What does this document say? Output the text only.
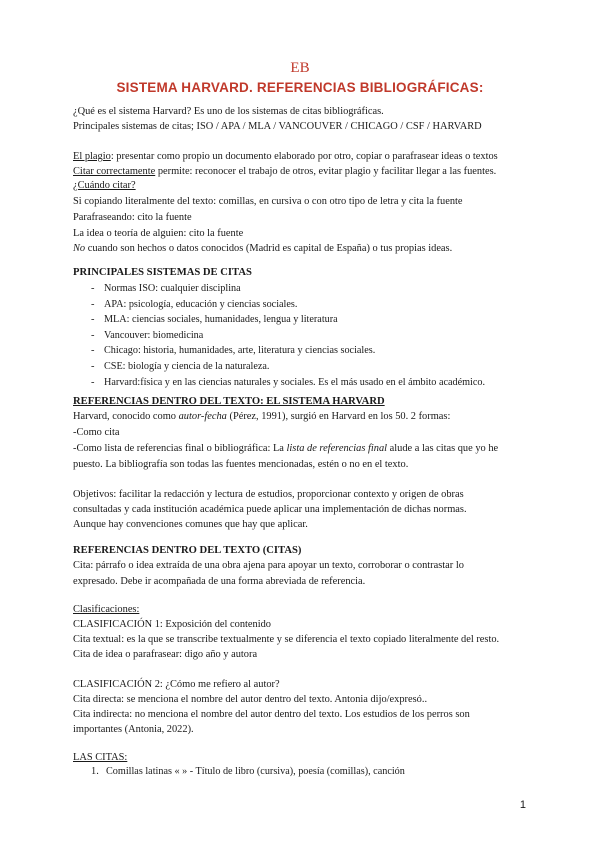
EB
SISTEMA HARVARD. REFERENCIAS BIBLIOGRÁFICAS:
¿Qué es el sistema Harvard? Es uno de los sistemas de citas bibliográficas.
Principales sistemas de citas; ISO / APA / MLA / VANCOUVER / CHICAGO / CSF / HARVARD
El plagio: presentar como propio un documento elaborado por otro, copiar o parafrasear ideas o textos
Citar correctamente permite: reconocer el trabajo de otros, evitar plagio y facilitar llegar a las fuentes.
¿Cuándo citar?
Si copiando literalmente del texto: comillas, en cursiva o con otro tipo de letra y cita la fuente
Parafraseando: cito la fuente
La idea o teoría de alguien: cito la fuente
No cuando son hechos o datos conocidos (Madrid es capital de España) o tus propias ideas.
PRINCIPALES SISTEMAS DE CITAS
- Normas ISO: cualquier disciplina
- APA: psicología, educación y ciencias sociales.
- MLA: ciencias sociales, humanidades, lengua y literatura
- Vancouver: biomedicina
- Chicago: historia, humanidades, arte, literatura y ciencias sociales.
- CSE: biología y ciencia de la naturaleza.
- Harvard:física y en las ciencias naturales y sociales. Es el más usado en el ámbito académico.
REFERENCIAS DENTRO DEL TEXTO: EL SISTEMA HARVARD
Harvard, conocido como autor-fecha (Pérez, 1991), surgió en Harvard en los 50. 2 formas:
-Como cita
-Como lista de referencias final o bibliográfica: La lista de referencias final alude a las citas que yo he
puesto. La bibliografía son todas las fuentes mencionadas, estén o no en el texto.
Objetivos: facilitar la redacción y lectura de estudios, proporcionar contexto y origen de obras
consultadas y cada institución académica puede aplicar una implementación de dichas normas.
Aunque hay convenciones comunes que hay que aplicar.
REFERENCIAS DENTRO DEL TEXTO (CITAS)
Cita: párrafo o idea extraída de una obra ajena para apoyar un texto, corroborar o contrastar lo
expresado. Debe ir acompañada de una forma abreviada de referencia.
Clasificaciones:
CLASIFICACIÓN 1: Exposición del contenido
Cita textual: es la que se transcribe textualmente y se diferencia el texto copiado literalmente del resto.
Cita de idea o parafrasear: digo año y autora
CLASIFICACIÓN 2: ¿Cómo me refiero al autor?
Cita directa: se menciona el nombre del autor dentro del texto. Antonia dijo/expresó..
Cita indirecta: no menciona el nombre del autor dentro del texto. Los estudios de los perros son
importantes (Antonia, 2022).
LAS CITAS:
1. Comillas latinas « » - Título de libro (cursiva), poesía (comillas), canción
1
